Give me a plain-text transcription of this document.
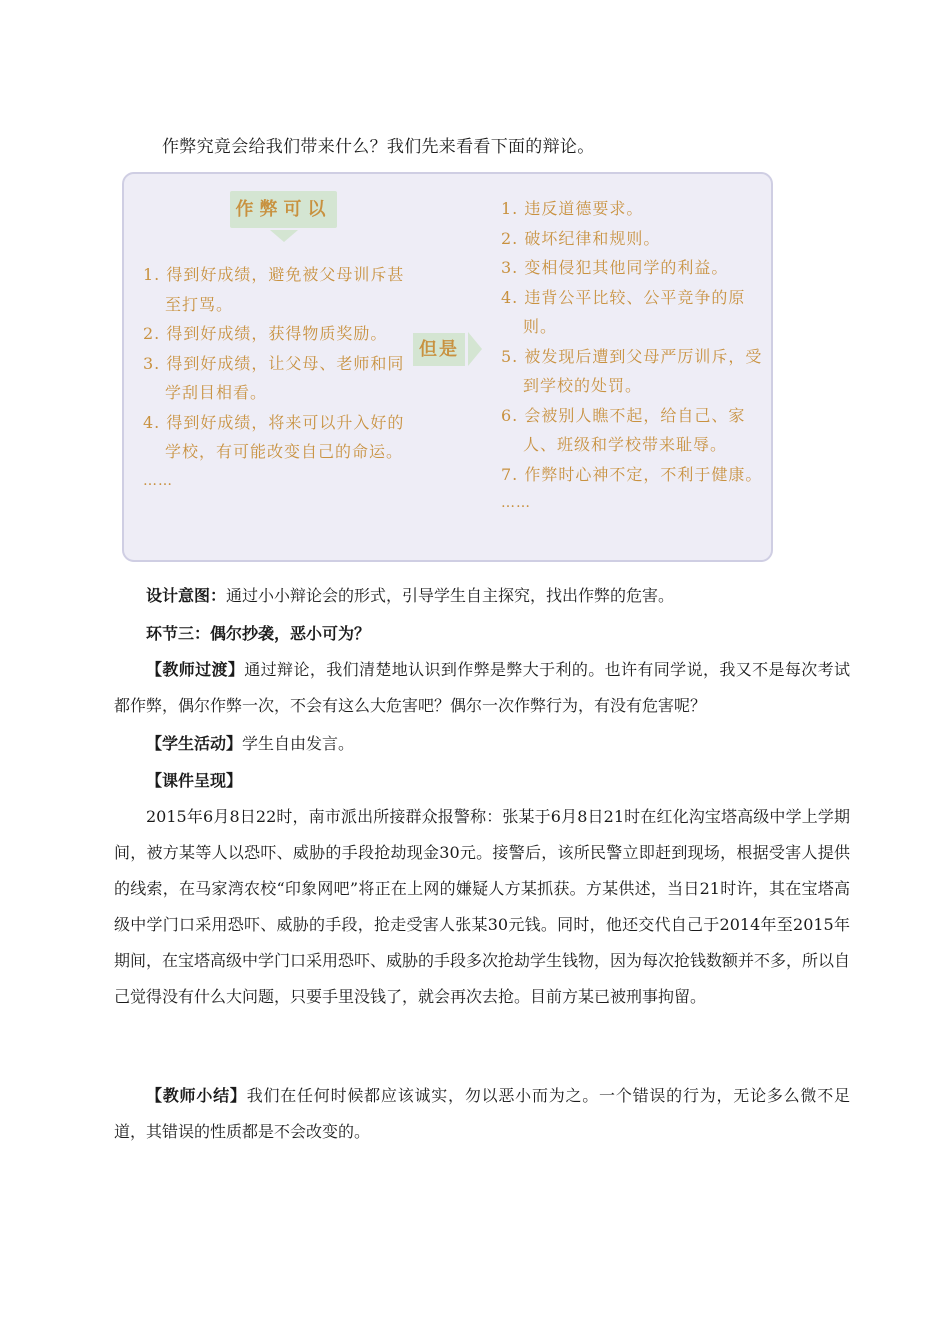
作弊究竟会给我们带来什么？我们先来看看下面的辩论。
作弊可以
1. 得到好成绩，避免被父母训斥甚至打骂。
2. 得到好成绩，获得物质奖励。
3. 得到好成绩，让父母、老师和同学刮目相看。
4. 得到好成绩，将来可以升入好的学校，有可能改变自己的命运。
……
但是
1. 违反道德要求。
2. 破坏纪律和规则。
3. 变相侵犯其他同学的利益。
4. 违背公平比较、公平竞争的原则。
5. 被发现后遭到父母严厉训斥，受到学校的处罚。
6. 会被别人瞧不起，给自己、家人、班级和学校带来耻辱。
7. 作弊时心神不定，不利于健康。
……

设计意图：通过小小辩论会的形式，引导学生自主探究，找出作弊的危害。

环节三：偶尔抄袭，恶小可为？

【教师过渡】通过辩论，我们清楚地认识到作弊是弊大于利的。也许有同学说，我又不是每次考试都作弊，偶尔作弊一次，不会有这么大危害吧？偶尔一次作弊行为，有没有危害呢？

【学生活动】学生自由发言。

【课件呈现】

2015年6月8日22时，南市派出所接群众报警称：张某于6月8日21时在红化沟宝塔高级中学上学期间，被方某等人以恐吓、威胁的手段抢劫现金30元。接警后，该所民警立即赶到现场，根据受害人提供的线索，在马家湾农校“印象网吧”将正在上网的嫌疑人方某抓获。方某供述，当日21时许，其在宝塔高级中学门口采用恐吓、威胁的手段，抢走受害人张某30元钱。同时，他还交代自己于2014年至2015年期间，在宝塔高级中学门口采用恐吓、威胁的手段多次抢劫学生钱物，因为每次抢钱数额并不多，所以自己觉得没有什么大问题，只要手里没钱了，就会再次去抢。目前方某已被刑事拘留。

【教师小结】我们在任何时候都应该诚实，勿以恶小而为之。一个错误的行为，无论多么微不足道，其错误的性质都是不会改变的。
